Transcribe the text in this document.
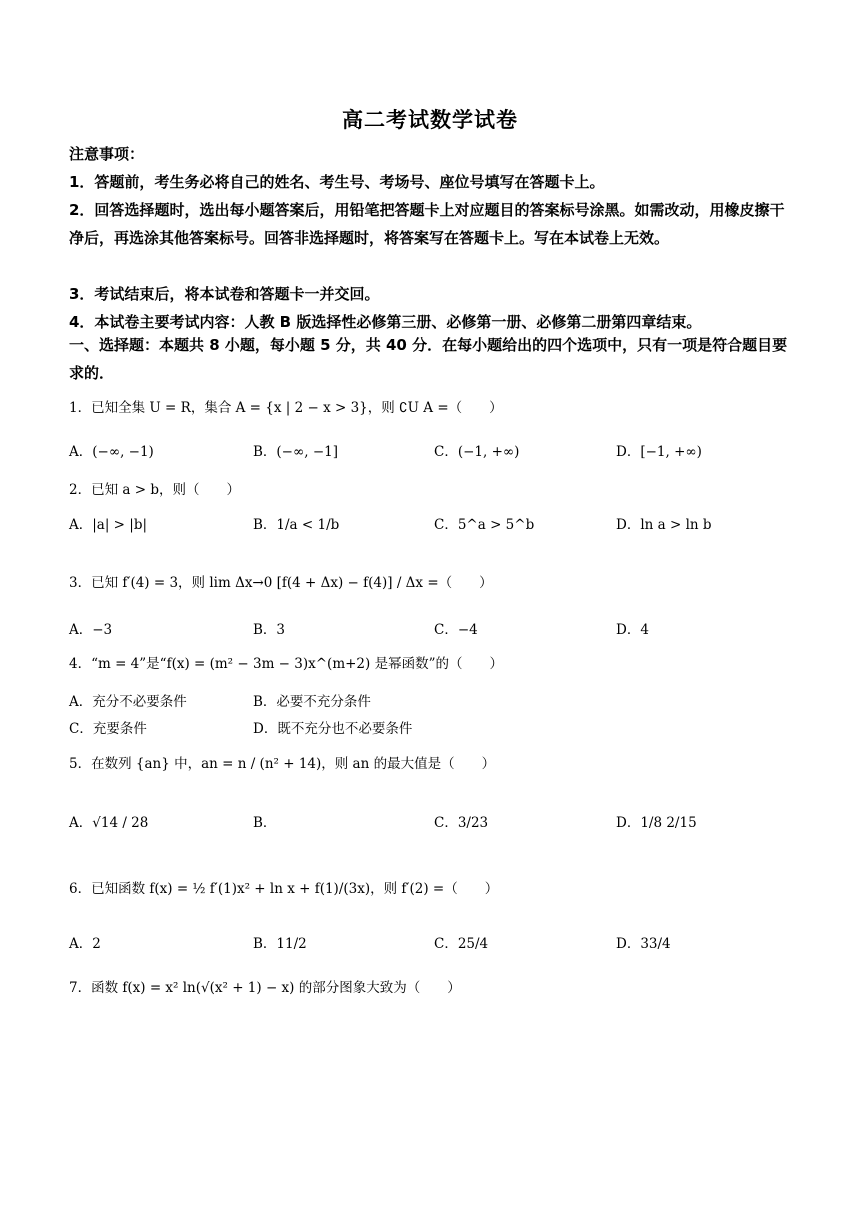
高二考试数学试卷
注意事项：
1．答题前，考生务必将自己的姓名、考生号、考场号、座位号填写在答题卡上。
2．回答选择题时，选出每小题答案后，用铅笔把答题卡上对应题目的答案标号涂黑。如需改动，用橡皮擦干净后，再选涂其他答案标号。回答非选择题时，将答案写在答题卡上。写在本试卷上无效。
3．考试结束后，将本试卷和答题卡一并交回。
4．本试卷主要考试内容：人教 B 版选择性必修第三册、必修第一册、必修第二册第四章结束。
一、选择题：本题共 8 小题，每小题 5 分，共 40 分．在每小题给出的四个选项中，只有一项是符合题目要求的．
1．已知全集 U = R，集合 A = {x | 2 − x > 3}，则 ∁U A =（　　）
A．(−∞, −1)	B．(−∞, −1]	C．(−1, +∞)	D．[−1, +∞)
2．已知 a > b，则（　　）
A．|a| > |b|	B．1/a < 1/b	C．5^a > 5^b	D．ln a > ln b
3．已知 f′(4) = 3，则 lim Δx→0 [f(4 + Δx) − f(4)] / Δx =（　　）
A．−3	B．3	C．−4	D．4
4．“m = 4”是“f(x) = (m² − 3m − 3)x^(m+2) 是幂函数”的（　　）
A．充分不必要条件	B．必要不充分条件
C．充要条件	D．既不充分也不必要条件
5．在数列 {an} 中，an = n / (n² + 14)，则 an 的最大值是（　　）
A．√14 / 28	B．	C．3/23	D．1/8 2/15
6．已知函数 f(x) = ½ f′(1)x² + ln x + f(1)/(3x)，则 f′(2) =（　　）
A．2	B．11/2	C．25/4	D．33/4
7．函数 f(x) = x² ln(√(x² + 1) − x) 的部分图象大致为（　　）
